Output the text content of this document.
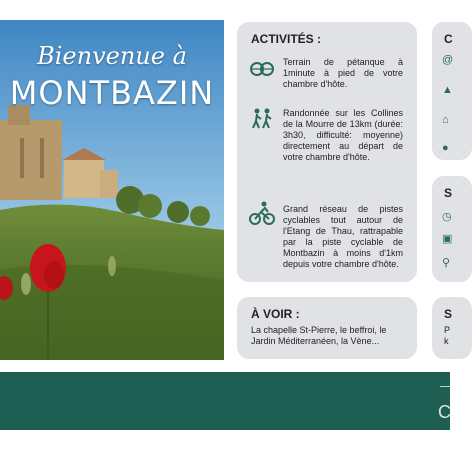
Bienvenue à
MONTBAZIN
ACTIVITÉS :
Terrain de pétanque à 1minute à pied de votre chambre d'hôte.
Randonnée sur les Collines de la Mourre de 13km (durée: 3h30, difficulté: moyenne) directement au départ de votre chambre d'hôte.
Grand réseau de pistes cyclables tout autour de l'Etang de Thau, rattrapable par la piste cyclable de Montbazin à moins d'1km depuis votre chambre d'hôte.
À VOIR :
La chapelle St-Pierre, le beffroi, le Jardin Méditerranéen, la Vène...
C
@
▲
⌂
●
S
◷
▣
⚲
S
P
k
C
